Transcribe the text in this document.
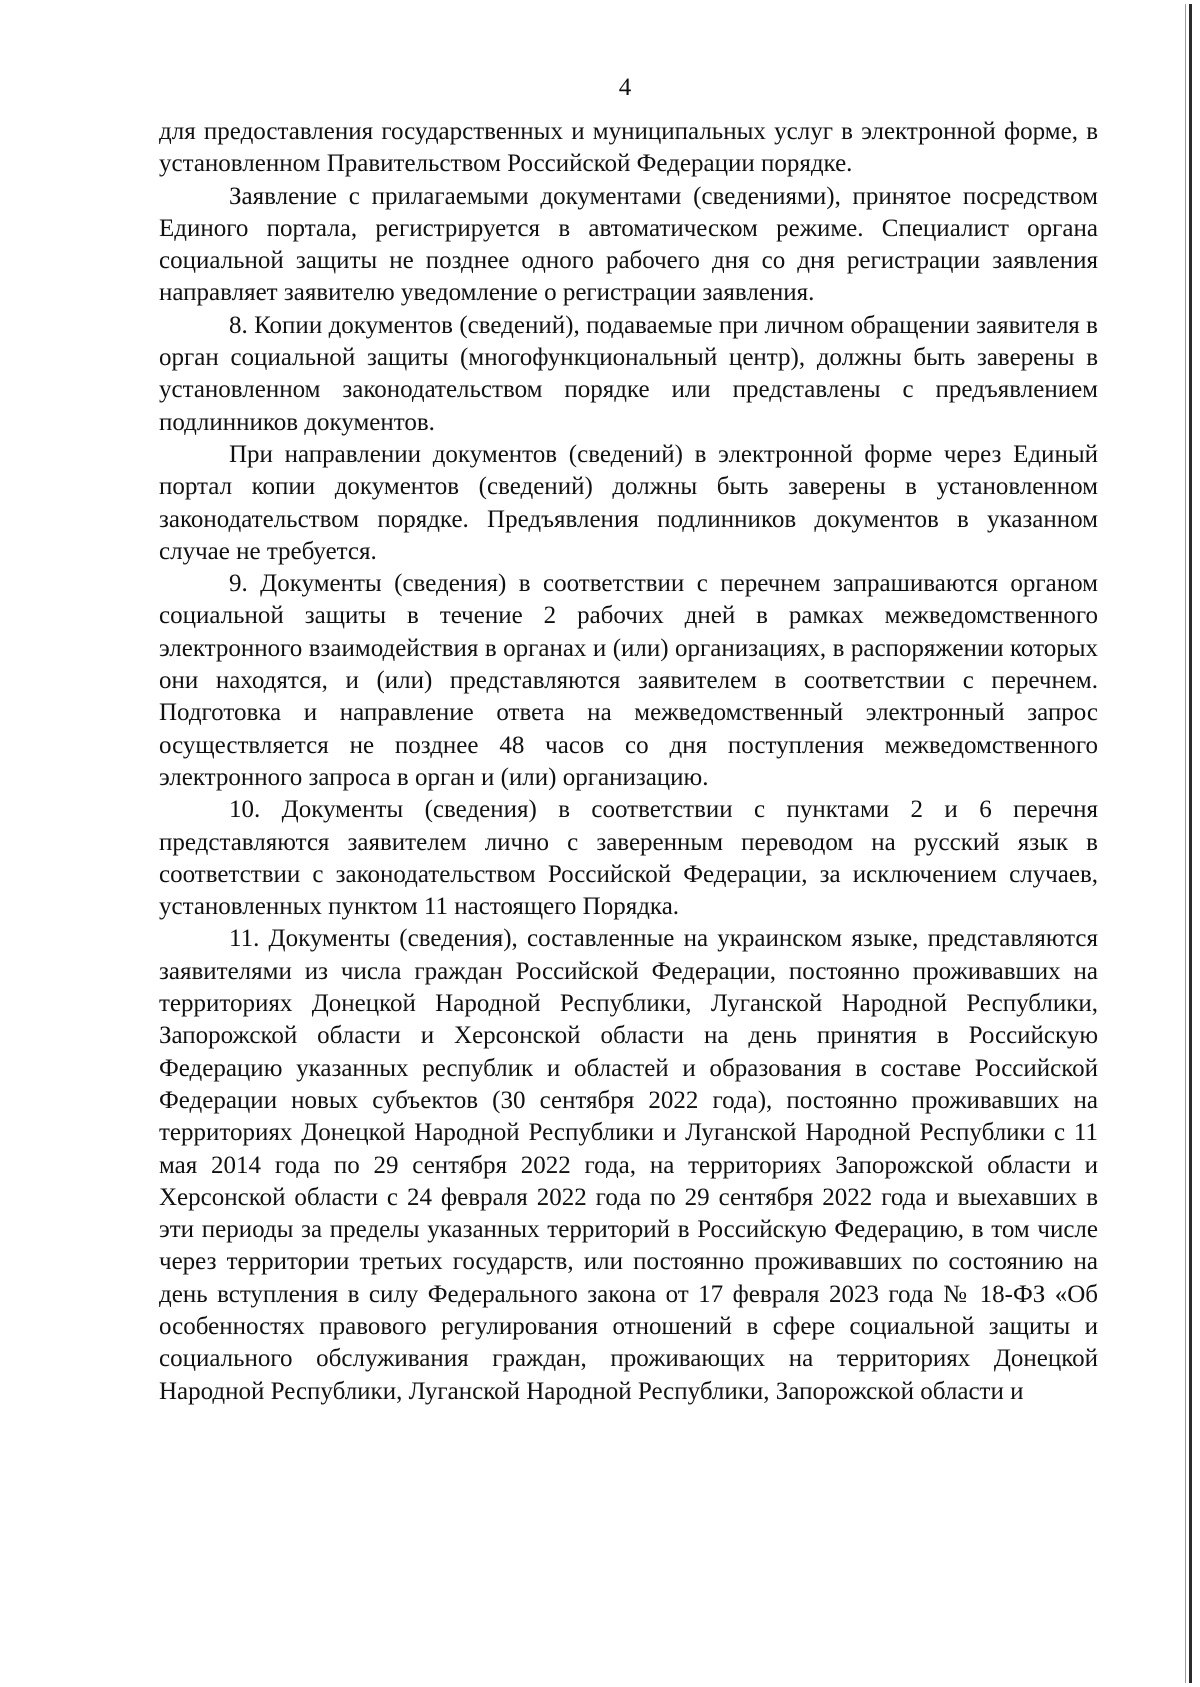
4

для предоставления государственных и муниципальных услуг в электронной форме, в установленном Правительством Российской Федерации порядке.

Заявление с прилагаемыми документами (сведениями), принятое посредством Единого портала, регистрируется в автоматическом режиме. Специалист органа социальной защиты не позднее одного рабочего дня со дня регистрации заявления направляет заявителю уведомление о регистрации заявления.

8. Копии документов (сведений), подаваемые при личном обращении заявителя в орган социальной защиты (многофункциональный центр), должны быть заверены в установленном законодательством порядке или представлены с предъявлением подлинников документов.

При направлении документов (сведений) в электронной форме через Единый портал копии документов (сведений) должны быть заверены в установленном законодательством порядке. Предъявления подлинников документов в указанном случае не требуется.

9. Документы (сведения) в соответствии с перечнем запрашиваются органом социальной защиты в течение 2 рабочих дней в рамках межведомственного электронного взаимодействия в органах и (или) организациях, в распоряжении которых они находятся, и (или) представляются заявителем в соответствии с перечнем. Подготовка и направление ответа на межведомственный электронный запрос осуществляется не позднее 48 часов со дня поступления межведомственного электронного запроса в орган и (или) организацию.

10. Документы (сведения) в соответствии с пунктами 2 и 6 перечня представляются заявителем лично с заверенным переводом на русский язык в соответствии с законодательством Российской Федерации, за исключением случаев, установленных пунктом 11 настоящего Порядка.

11. Документы (сведения), составленные на украинском языке, представляются заявителями из числа граждан Российской Федерации, постоянно проживавших на территориях Донецкой Народной Республики, Луганской Народной Республики, Запорожской области и Херсонской области на день принятия в Российскую Федерацию указанных республик и областей и образования в составе Российской Федерации новых субъектов (30 сентября 2022 года), постоянно проживавших на территориях Донецкой Народной Республики и Луганской Народной Республики с 11 мая 2014 года по 29 сентября 2022 года, на территориях Запорожской области и Херсонской области с 24 февраля 2022 года по 29 сентября 2022 года и выехавших в эти периоды за пределы указанных территорий в Российскую Федерацию, в том числе через территории третьих государств, или постоянно проживавших по состоянию на день вступления в силу Федерального закона от 17 февраля 2023 года № 18-ФЗ «Об особенностях правового регулирования отношений в сфере социальной защиты и социального обслуживания граждан, проживающих на территориях Донецкой Народной Республики, Луганской Народной Республики, Запорожской области и
